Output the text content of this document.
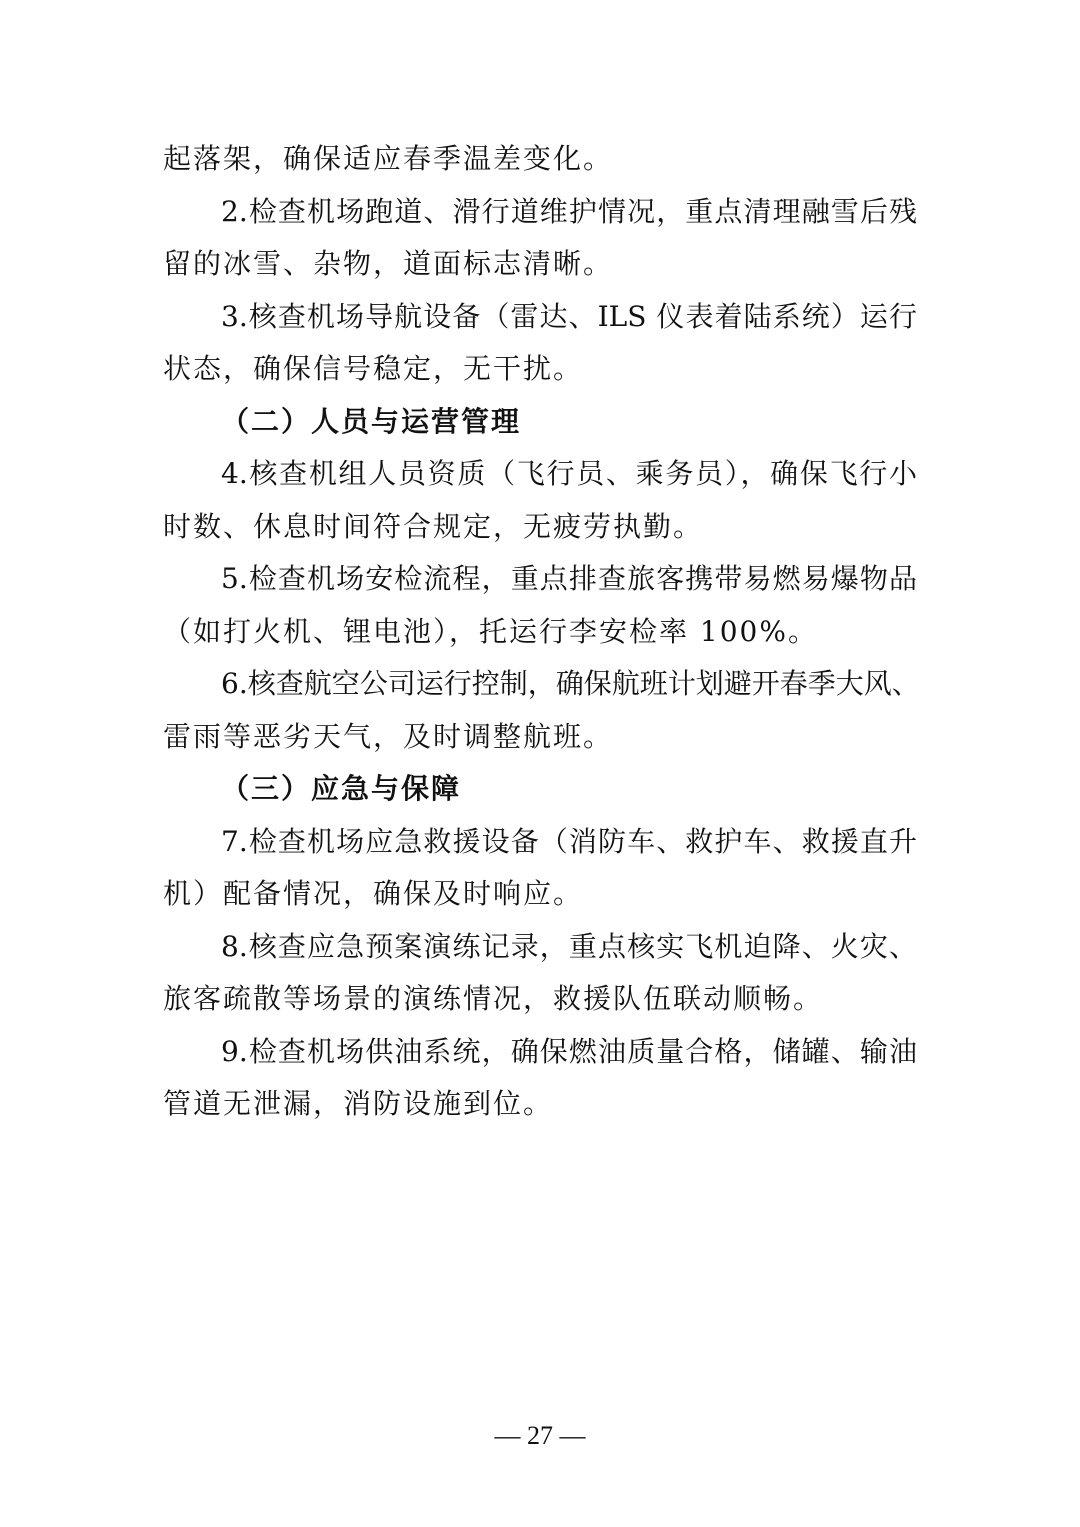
起落架，确保适应春季温差变化。
2.检查机场跑道、滑行道维护情况，重点清理融雪后残
留的冰雪、杂物，道面标志清晰。
3.核查机场导航设备（雷达、ILS 仪表着陆系统）运行
状态，确保信号稳定，无干扰。
（二）人员与运营管理
4.核查机组人员资质（飞行员、乘务员），确保飞行小
时数、休息时间符合规定，无疲劳执勤。
5.检查机场安检流程，重点排查旅客携带易燃易爆物品
（如打火机、锂电池），托运行李安检率 100%。
6.核查航空公司运行控制，确保航班计划避开春季大风、
雷雨等恶劣天气，及时调整航班。
（三）应急与保障
7.检查机场应急救援设备（消防车、救护车、救援直升
机）配备情况，确保及时响应。
8.核查应急预案演练记录，重点核实飞机迫降、火灾、
旅客疏散等场景的演练情况，救援队伍联动顺畅。
9.检查机场供油系统，确保燃油质量合格，储罐、输油
管道无泄漏，消防设施到位。
— 27 —
